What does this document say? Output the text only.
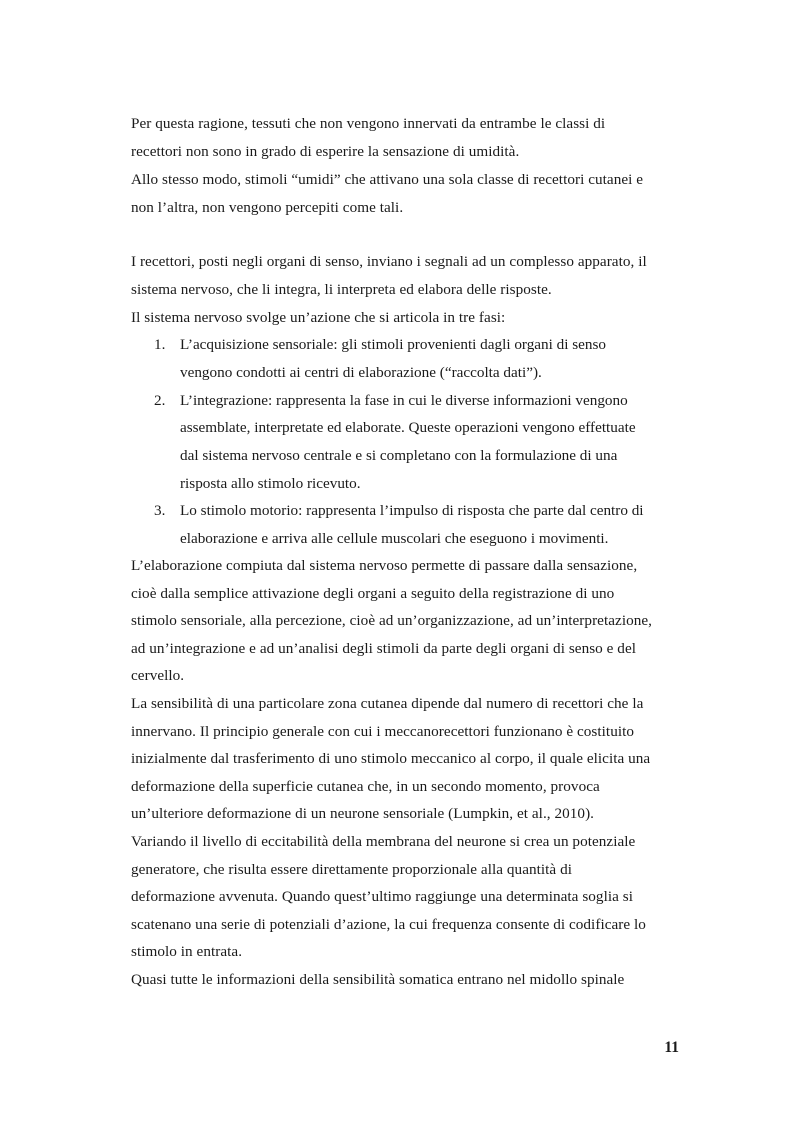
Per questa ragione, tessuti che non vengono innervati da entrambe le classi di
recettori non sono in grado di esperire la sensazione di umidità.
Allo stesso modo, stimoli “umidi” che attivano una sola classe di recettori cutanei e
non l’altra, non vengono percepiti come tali.
I recettori, posti negli organi di senso, inviano i segnali ad un complesso apparato, il
sistema nervoso, che li integra, li interpreta ed elabora delle risposte.
Il sistema nervoso svolge un’azione che si articola in tre fasi:
1. L’acquisizione sensoriale: gli stimoli provenienti dagli organi di senso
vengono condotti ai centri di elaborazione (“raccolta dati”).
2. L’integrazione: rappresenta la fase in cui le diverse informazioni vengono
assemblate, interpretate ed elaborate. Queste operazioni vengono effettuate
dal sistema nervoso centrale e si completano con la formulazione di una
risposta allo stimolo ricevuto.
3. Lo stimolo motorio: rappresenta l’impulso di risposta che parte dal centro di
elaborazione e arriva alle cellule muscolari che eseguono i movimenti.
L’elaborazione compiuta dal sistema nervoso permette di passare dalla sensazione,
cioè dalla semplice attivazione degli organi a seguito della registrazione di uno
stimolo sensoriale, alla percezione, cioè ad un’organizzazione, ad un’interpretazione,
ad un’integrazione e ad un’analisi degli stimoli da parte degli organi di senso e del
cervello.
La sensibilità di una particolare zona cutanea dipende dal numero di recettori che la
innervano. Il principio generale con cui i meccanorecettori funzionano è costituito
inizialmente dal trasferimento di uno stimolo meccanico al corpo, il quale elicita una
deformazione della superficie cutanea che, in un secondo momento, provoca
un’ulteriore deformazione di un neurone sensoriale (Lumpkin, et al., 2010).
Variando il livello di eccitabilità della membrana del neurone si crea un potenziale
generatore, che risulta essere direttamente proporzionale alla quantità di
deformazione avvenuta. Quando quest’ultimo raggiunge una determinata soglia si
scatenano una serie di potenziali d’azione, la cui frequenza consente di codificare lo
stimolo in entrata.
Quasi tutte le informazioni della sensibilità somatica entrano nel midollo spinale
11
